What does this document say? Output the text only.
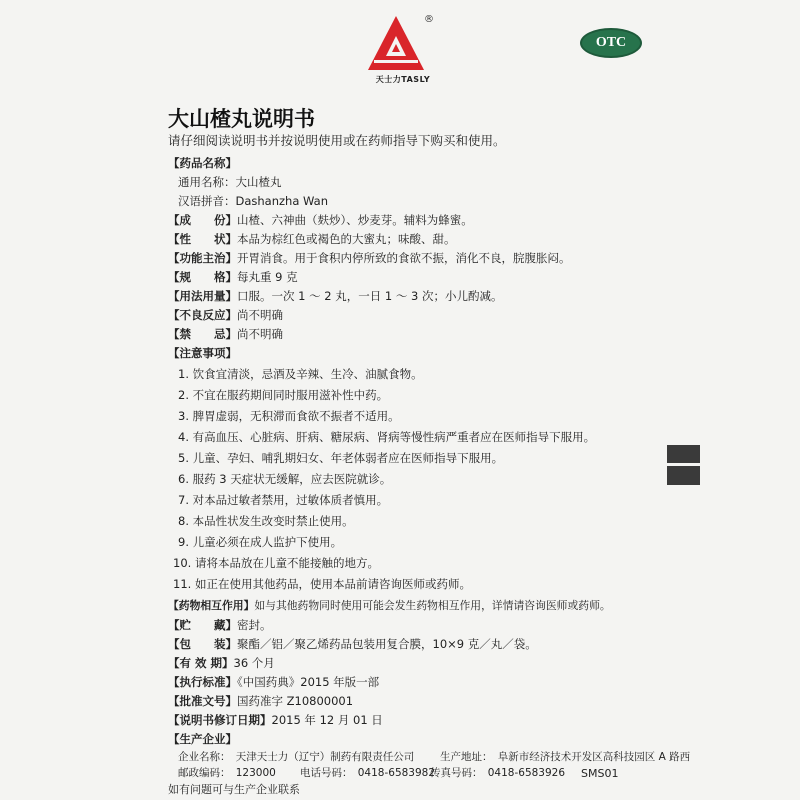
®
天士力TASLY
OTC
大山楂丸说明书
请仔细阅读说明书并按说明使用或在药师指导下购买和使用。
【药品名称】
通用名称：大山楂丸
汉语拼音：Dashanzha Wan
【成　　份】山楂、六神曲（麸炒）、炒麦芽。辅料为蜂蜜。
【性　　状】本品为棕红色或褐色的大蜜丸；味酸、甜。
【功能主治】开胃消食。用于食积内停所致的食欲不振，消化不良，脘腹胀闷。
【规　　格】每丸重 9 克
【用法用量】口服。一次 1 ～ 2 丸，一日 1 ～ 3 次；小儿酌减。
【不良反应】尚不明确
【禁　　忌】尚不明确
【注意事项】
1. 饮食宜清淡，忌酒及辛辣、生冷、油腻食物。
2. 不宜在服药期间同时服用滋补性中药。
3. 脾胃虚弱，无积滞而食欲不振者不适用。
4. 有高血压、心脏病、肝病、糖尿病、肾病等慢性病严重者应在医师指导下服用。
5. 儿童、孕妇、哺乳期妇女、年老体弱者应在医师指导下服用。
6. 服药 3 天症状无缓解，应去医院就诊。
7. 对本品过敏者禁用，过敏体质者慎用。
8. 本品性状发生改变时禁止使用。
9. 儿童必须在成人监护下使用。
10. 请将本品放在儿童不能接触的地方。
11. 如正在使用其他药品，使用本品前请咨询医师或药师。
【药物相互作用】如与其他药物同时使用可能会发生药物相互作用，详情请咨询医师或药师。
【贮　　藏】密封。
【包　　装】聚酯／铝／聚乙烯药品包装用复合膜，10×9 克／丸／袋。
【有 效 期】36 个月
【执行标准】《中国药典》2015 年版一部
【批准文号】国药准字 Z10800001
【说明书修订日期】2015 年 12 月 01 日
【生产企业】
企业名称：　天津天士力（辽宁）制药有限责任公司 生产地址：　阜新市经济技术开发区高科技园区 A 路西
邮政编码：　123000 电话号码：　0418-6583982
传真号码：　0418-6583926
如有问题可与生产企业联系
SMS01
